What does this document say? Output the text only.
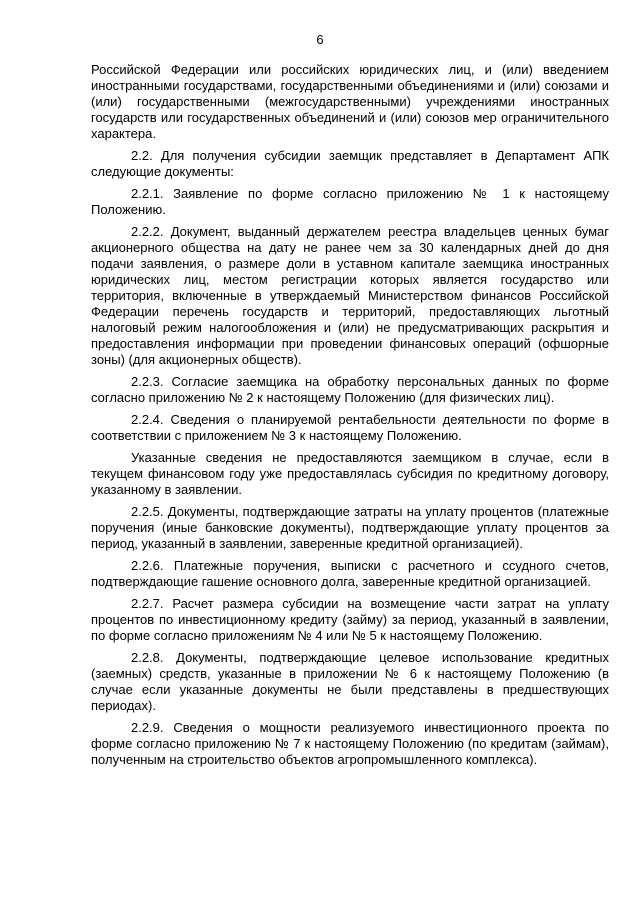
6

Российской Федерации или российских юридических лиц, и (или) введением иностранными государствами, государственными объединениями и (или) союзами и (или) государственными (межгосударственными) учреждениями иностранных государств или государственных объединений и (или) союзов мер ограничительного характера.

2.2. Для получения субсидии заемщик представляет в Департамент АПК следующие документы:

2.2.1. Заявление по форме согласно приложению № 1 к настоящему Положению.

2.2.2. Документ, выданный держателем реестра владельцев ценных бумаг акционерного общества на дату не ранее чем за 30 календарных дней до дня подачи заявления, о размере доли в уставном капитале заемщика иностранных юридических лиц, местом регистрации которых является государство или территория, включенные в утверждаемый Министерством финансов Российской Федерации перечень государств и территорий, предоставляющих льготный налоговый режим налогообложения и (или) не предусматривающих раскрытия и предоставления информации при проведении финансовых операций (офшорные зоны) (для акционерных обществ).

2.2.3. Согласие заемщика на обработку персональных данных по форме согласно приложению № 2 к настоящему Положению (для физических лиц).

2.2.4. Сведения о планируемой рентабельности деятельности по форме в соответствии с приложением № 3 к настоящему Положению.

Указанные сведения не предоставляются заемщиком в случае, если в текущем финансовом году уже предоставлялась субсидия по кредитному договору, указанному в заявлении.

2.2.5. Документы, подтверждающие затраты на уплату процентов (платежные поручения (иные банковские документы), подтверждающие уплату процентов за период, указанный в заявлении, заверенные кредитной организацией).

2.2.6. Платежные поручения, выписки с расчетного и ссудного счетов, подтверждающие гашение основного долга, заверенные кредитной организацией.

2.2.7. Расчет размера субсидии на возмещение части затрат на уплату процентов по инвестиционному кредиту (займу) за период, указанный в заявлении, по форме согласно приложениям № 4 или № 5 к настоящему Положению.

2.2.8. Документы, подтверждающие целевое использование кредитных (заемных) средств, указанные в приложении № 6 к настоящему Положению (в случае если указанные документы не были представлены в предшествующих периодах).

2.2.9. Сведения о мощности реализуемого инвестиционного проекта по форме согласно приложению № 7 к настоящему Положению (по кредитам (займам), полученным на строительство объектов агропромышленного комплекса).
